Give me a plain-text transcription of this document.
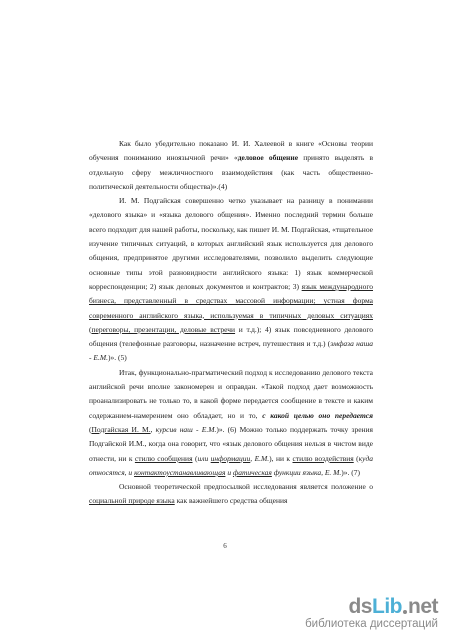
Как было убедительно показано И. И. Халеевой в книге «Основы теории обучения пониманию иноязычной речи» «деловое общение принято выделять в отдельную сферу межличностного взаимодействия (как часть общественно-политической деятельности общества)».(4)

И. М. Подгайская совершенно четко указывает на разницу в понимании «делового языка» и «языка делового общения». Именно последний термин больше всего подходит для нашей работы, поскольку, как пишет И. М. Подгайская, «тщательное изучение типичных ситуаций, в которых английский язык используется для делового общения, предпринятое другими исследователями, позволило выделить следующие основные типы этой разновидности английского языка: 1) язык коммерческой корреспонденции; 2) язык деловых документов и контрактов; 3) язык международного бизнеса, представленный в средствах массовой информации; устная форма современного английского языка, используемая в типичных деловых ситуациях (переговоры, презентации, деловые встречи и т.д.); 4) язык повседневного делового общения (телефонные разговоры, назначение встреч, путешествия и т.д.) (эмфаза наша - Е.М.)». (5)

Итак, функционально-прагматический подход к исследованию делового текста английской речи вполне закономерен и оправдан. «Такой подход дает возможность проанализировать не только то, в какой форме передается сообщение в тексте и каким содержанием-намерением оно обладает, но и то, с какой целью оно передается (Подгайская И. М., курсив наш - Е.М.)». (6) Можно только поддержать точку зрения Подгайской И.М., когда она говорит, что «язык делового общения нельзя в чистом виде отнести, ни к стилю сообщения (или информации, Е.М.), ни к стилю воздействия (куда относятся, и контактоустанавливающая и фатическая функции языка, Е. М.)». (7)

Основной теоретической предпосылкой исследования является положение о социальной природе языка как важнейшего средства общения

6
dsLib net
библиотека диссертаций
